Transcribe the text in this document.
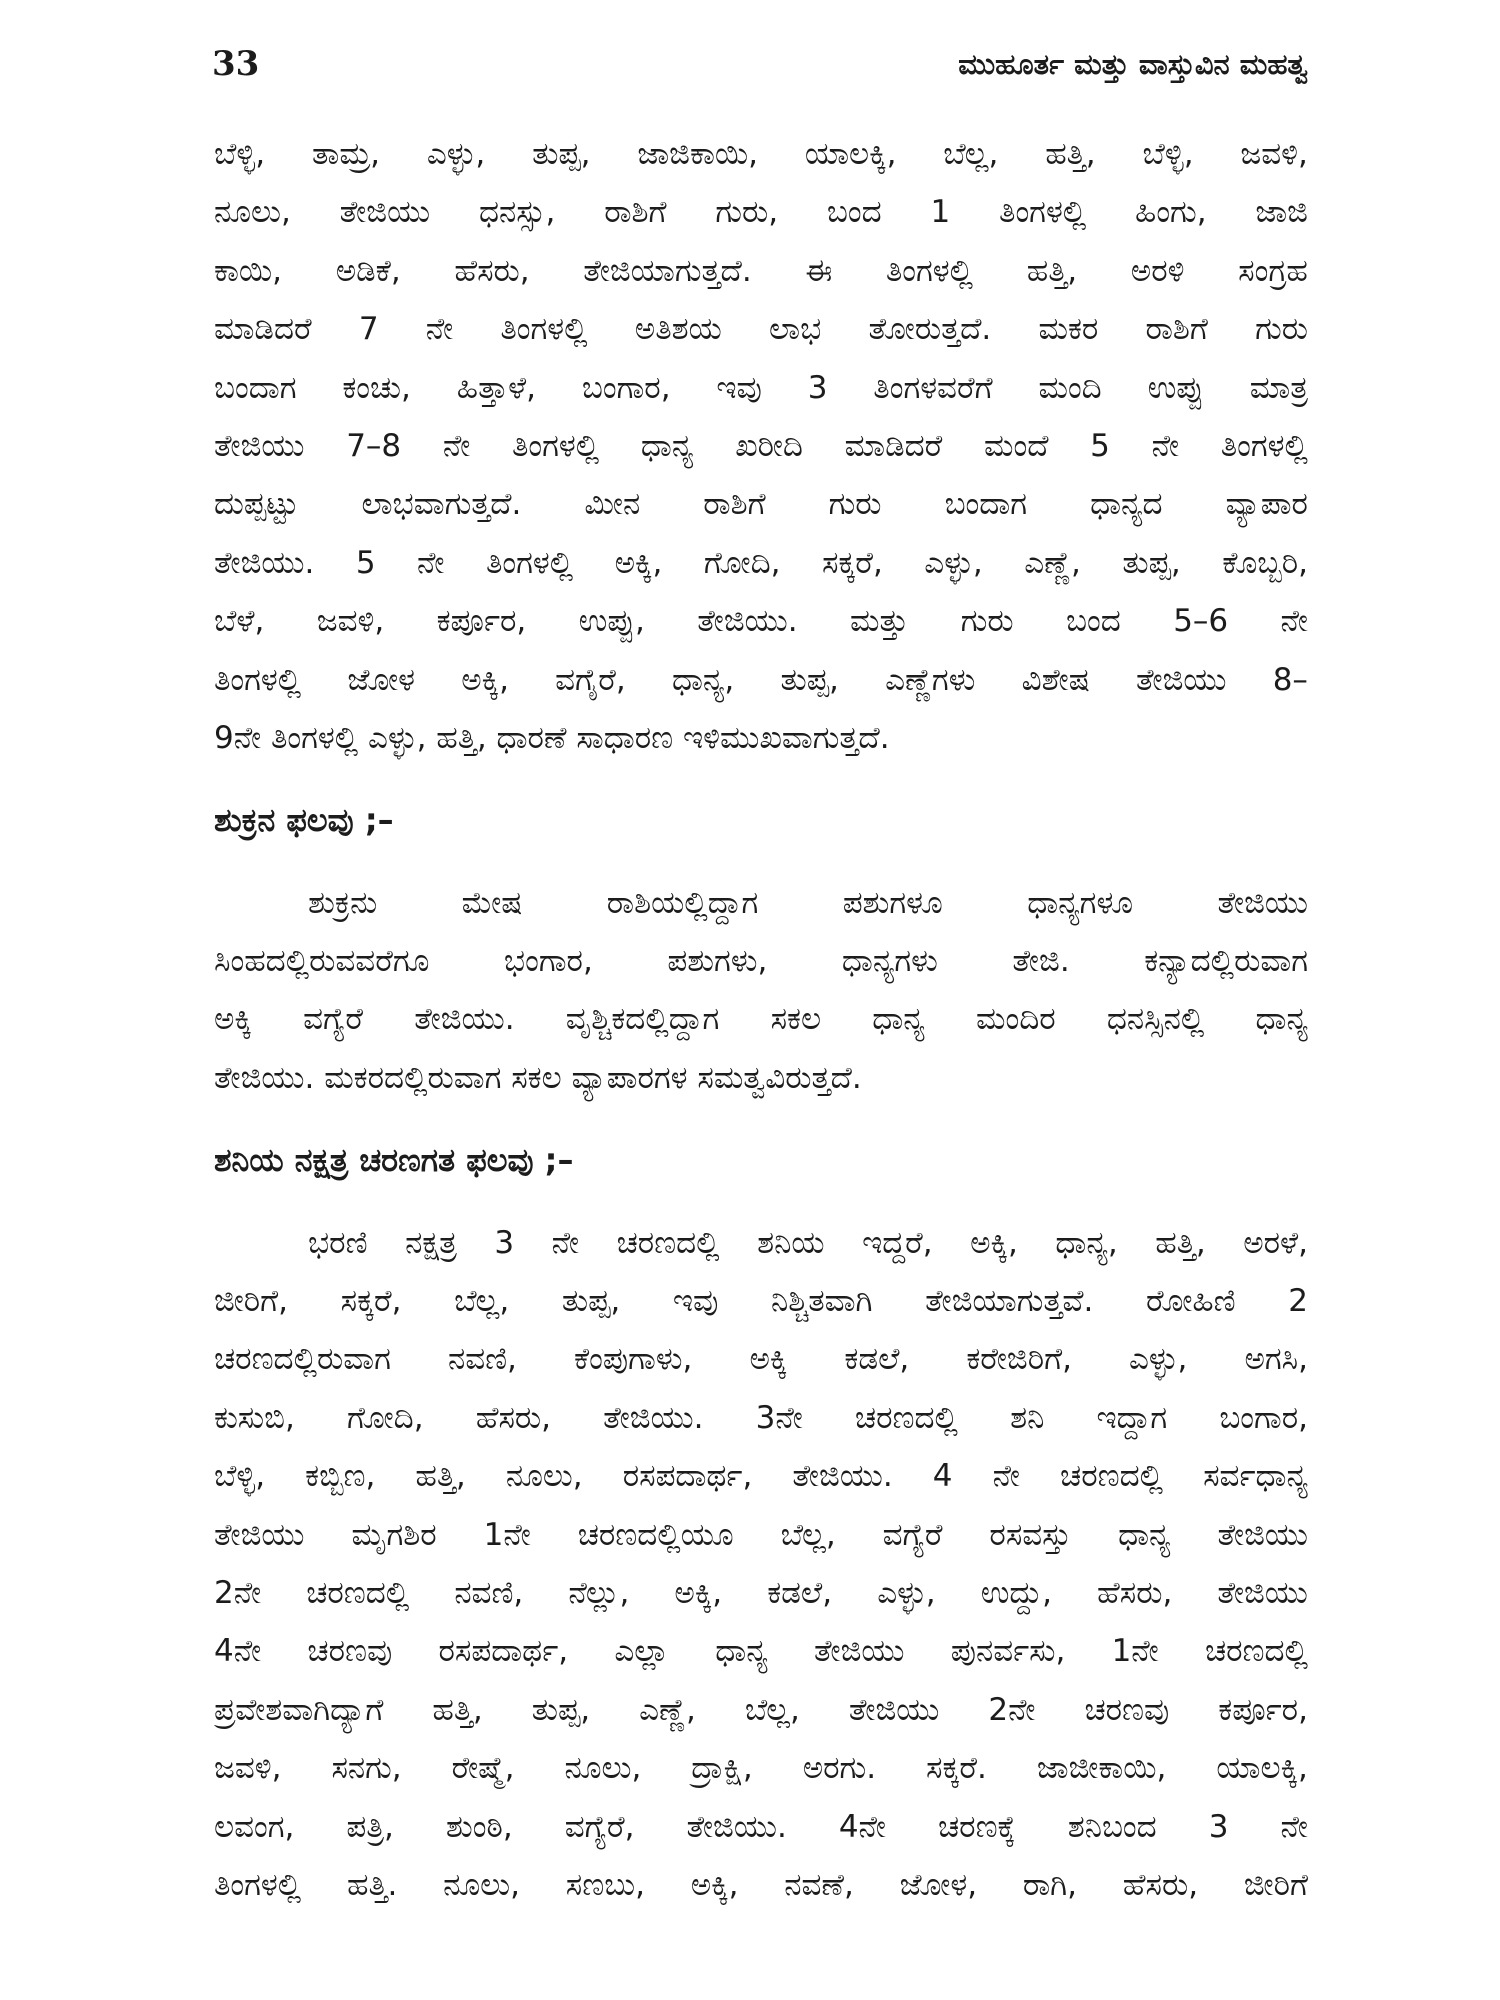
33	ಮುಹೂರ್ತ ಮತ್ತು ವಾಸ್ತುವಿನ ಮಹತ್ವ
ಬೆಳ್ಳಿ, ತಾಮ್ರ, ಎಳ್ಳು, ತುಪ್ಪ, ಜಾಜಿಕಾಯಿ, ಯಾಲಕ್ಕಿ, ಬೆಲ್ಲ, ಹತ್ತಿ, ಬೆಳ್ಳಿ, ಜವಳಿ,
ನೂಲು, ತೇಜಿಯು ಧನಸ್ಸು, ರಾಶಿಗೆ ಗುರು, ಬಂದ 1 ತಿಂಗಳಲ್ಲಿ ಹಿಂಗು, ಜಾಜಿ
ಕಾಯಿ, ಅಡಿಕೆ, ಹೆಸರು, ತೇಜಿಯಾಗುತ್ತದೆ. ಈ ತಿಂಗಳಲ್ಲಿ ಹತ್ತಿ, ಅರಳಿ ಸಂಗ್ರಹ
ಮಾಡಿದರೆ 7 ನೇ ತಿಂಗಳಲ್ಲಿ ಅತಿಶಯ ಲಾಭ ತೋರುತ್ತದೆ. ಮಕರ ರಾಶಿಗೆ ಗುರು
ಬಂದಾಗ ಕಂಚು, ಹಿತ್ತಾಳೆ, ಬಂಗಾರ, ಇವು 3 ತಿಂಗಳವರೆಗೆ ಮಂದಿ ಉಪ್ಪು ಮಾತ್ರ
ತೇಜಿಯು 7–8 ನೇ ತಿಂಗಳಲ್ಲಿ ಧಾನ್ಯ ಖರೀದಿ ಮಾಡಿದರೆ ಮಂದೆ 5 ನೇ ತಿಂಗಳಲ್ಲಿ
ದುಪ್ಪಟ್ಟು ಲಾಭವಾಗುತ್ತದೆ. ಮೀನ ರಾಶಿಗೆ ಗುರು ಬಂದಾಗ ಧಾನ್ಯದ ವ್ಯಾಪಾರ
ತೇಜಿಯು. 5 ನೇ ತಿಂಗಳಲ್ಲಿ ಅಕ್ಕಿ, ಗೋದಿ, ಸಕ್ಕರೆ, ಎಳ್ಳು, ಎಣ್ಣೆ, ತುಪ್ಪ, ಕೊಬ್ಬರಿ,
ಬೆಳೆ, ಜವಳಿ, ಕರ್ಪೂರ, ಉಪ್ಪು, ತೇಜಿಯು. ಮತ್ತು ಗುರು ಬಂದ 5–6 ನೇ
ತಿಂಗಳಲ್ಲಿ ಜೋಳ ಅಕ್ಕಿ, ವಗೈರೆ, ಧಾನ್ಯ, ತುಪ್ಪ, ಎಣ್ಣೆಗಳು ವಿಶೇಷ ತೇಜಿಯು 8–
9ನೇ ತಿಂಗಳಲ್ಲಿ ಎಳ್ಳು, ಹತ್ತಿ, ಧಾರಣೆ ಸಾಧಾರಣ ಇಳಿಮುಖವಾಗುತ್ತದೆ.
ಶುಕ್ರನ ಫಲವು ;–
ಶುಕ್ರನು	ಮೇಷ	ರಾಶಿಯಲ್ಲಿದ್ದಾಗ	ಪಶುಗಳೂ	ಧಾನ್ಯಗಳೂ	ತೇಜಿಯು
ಸಿಂಹದಲ್ಲಿರುವವರೆಗೂ ಭಂಗಾರ, ಪಶುಗಳು, ಧಾನ್ಯಗಳು ತೇಜಿ. ಕನ್ಯಾದಲ್ಲಿರುವಾಗ
ಅಕ್ಕಿ ವಗ್ಯೆರೆ ತೇಜಿಯು. ವೃಶ್ಚಿಕದಲ್ಲಿದ್ದಾಗ ಸಕಲ ಧಾನ್ಯ ಮಂದಿರ ಧನಸ್ಸಿನಲ್ಲಿ ಧಾನ್ಯ
ತೇಜಿಯು. ಮಕರದಲ್ಲಿರುವಾಗ ಸಕಲ ವ್ಯಾಪಾರಗಳ ಸಮತ್ವವಿರುತ್ತದೆ.
ಶನಿಯ ನಕ್ಷತ್ರ ಚರಣಗತ ಫಲವು ;–
ಭರಣಿ ನಕ್ಷತ್ರ 3 ನೇ ಚರಣದಲ್ಲಿ ಶನಿಯ ಇದ್ದರೆ, ಅಕ್ಕಿ, ಧಾನ್ಯ, ಹತ್ತಿ, ಅರಳೆ,
ಜೀರಿಗೆ, ಸಕ್ಕರೆ, ಬೆಲ್ಲ, ತುಪ್ಪ, ಇವು ನಿಶ್ಚಿತವಾಗಿ ತೇಜಿಯಾಗುತ್ತವೆ. ರೋಹಿಣಿ 2
ಚರಣದಲ್ಲಿರುವಾಗ ನವಣಿ, ಕೆಂಪುಗಾಳು, ಅಕ್ಕಿ ಕಡಲೆ, ಕರೇಜಿರಿಗೆ, ಎಳ್ಳು, ಅಗಸಿ,
ಕುಸುಬಿ, ಗೋದಿ, ಹೆಸರು, ತೇಜಿಯು. 3ನೇ ಚರಣದಲ್ಲಿ ಶನಿ ಇದ್ದಾಗ ಬಂಗಾರ,
ಬೆಳ್ಳಿ, ಕಬ್ಬಿಣ, ಹತ್ತಿ, ನೂಲು, ರಸಪದಾರ್ಥ, ತೇಜಿಯು. 4 ನೇ ಚರಣದಲ್ಲಿ ಸರ್ವಧಾನ್ಯ
ತೇಜಿಯು ಮೃಗಶಿರ 1ನೇ ಚರಣದಲ್ಲಿಯೂ ಬೆಲ್ಲ, ವಗ್ಯೆರೆ ರಸವಸ್ತು ಧಾನ್ಯ ತೇಜಿಯು
2ನೇ ಚರಣದಲ್ಲಿ ನವಣಿ, ನೆಲ್ಲು, ಅಕ್ಕಿ, ಕಡಲೆ, ಎಳ್ಳು, ಉದ್ದು, ಹೆಸರು, ತೇಜಿಯು
4ನೇ ಚರಣವು ರಸಪದಾರ್ಥ, ಎಲ್ಲಾ ಧಾನ್ಯ ತೇಜಿಯು ಪುನರ್ವಸು, 1ನೇ ಚರಣದಲ್ಲಿ
ಪ್ರವೇಶವಾಗಿದ್ಯಾಗೆ ಹತ್ತಿ, ತುಪ್ಪ, ಎಣ್ಣೆ, ಬೆಲ್ಲ, ತೇಜಿಯು 2ನೇ ಚರಣವು ಕರ್ಪೂರ,
ಜವಳಿ, ಸನಗು, ರೇಷ್ಮೆ, ನೂಲು, ದ್ರಾಕ್ಷಿ, ಅರಗು. ಸಕ್ಕರೆ. ಜಾಜೀಕಾಯಿ, ಯಾಲಕ್ಕಿ,
ಲವಂಗ, ಪತ್ರಿ, ಶುಂಠಿ, ವಗ್ಯೆರೆ, ತೇಜಿಯು. 4ನೇ ಚರಣಕ್ಕೆ ಶನಿಬಂದ 3 ನೇ
ತಿಂಗಳಲ್ಲಿ ಹತ್ತಿ. ನೂಲು, ಸಣಬು, ಅಕ್ಕಿ, ನವಣೆ, ಜೋಳ, ರಾಗಿ, ಹೆಸರು, ಜೀರಿಗೆ
